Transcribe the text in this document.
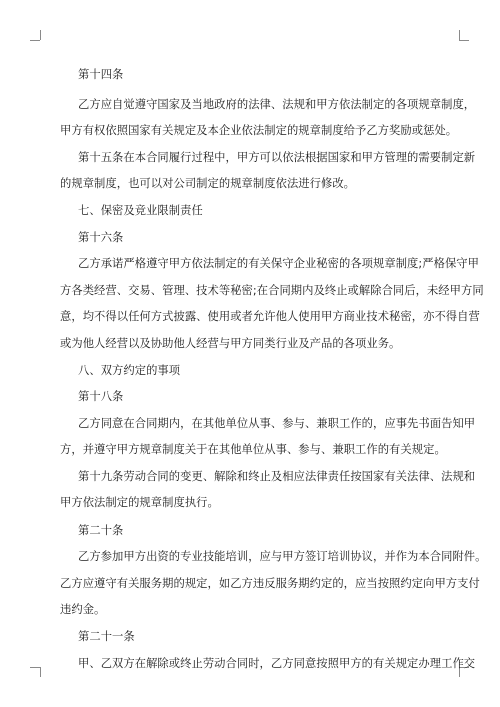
第十四条
乙方应自觉遵守国家及当地政府的法律、法规和甲方依法制定的各项规章制度，
甲方有权依照国家有关规定及本企业依法制定的规章制度给予乙方奖励或惩处。
第十五条在本合同履行过程中，甲方可以依法根据国家和甲方管理的需要制定新
的规章制度，也可以对公司制定的规章制度依法进行修改。
七、保密及竞业限制责任
第十六条
乙方承诺严格遵守甲方依法制定的有关保守企业秘密的各项规章制度;严格保守甲
方各类经营、交易、管理、技术等秘密;在合同期内及终止或解除合同后，未经甲方同
意，均不得以任何方式披露、使用或者允许他人使用甲方商业技术秘密，亦不得自营
或为他人经营以及协助他人经营与甲方同类行业及产品的各项业务。
八、双方约定的事项
第十八条
乙方同意在合同期内，在其他单位从事、参与、兼职工作的，应事先书面告知甲
方，并遵守甲方规章制度关于在其他单位从事、参与、兼职工作的有关规定。
第十九条劳动合同的变更、解除和终止及相应法律责任按国家有关法律、法规和
甲方依法制定的规章制度执行。
第二十条
乙方参加甲方出资的专业技能培训，应与甲方签订培训协议，并作为本合同附件。
乙方应遵守有关服务期的规定，如乙方违反服务期约定的，应当按照约定向甲方支付
违约金。
第二十一条
甲、乙双方在解除或终止劳动合同时，乙方同意按照甲方的有关规定办理工作交
